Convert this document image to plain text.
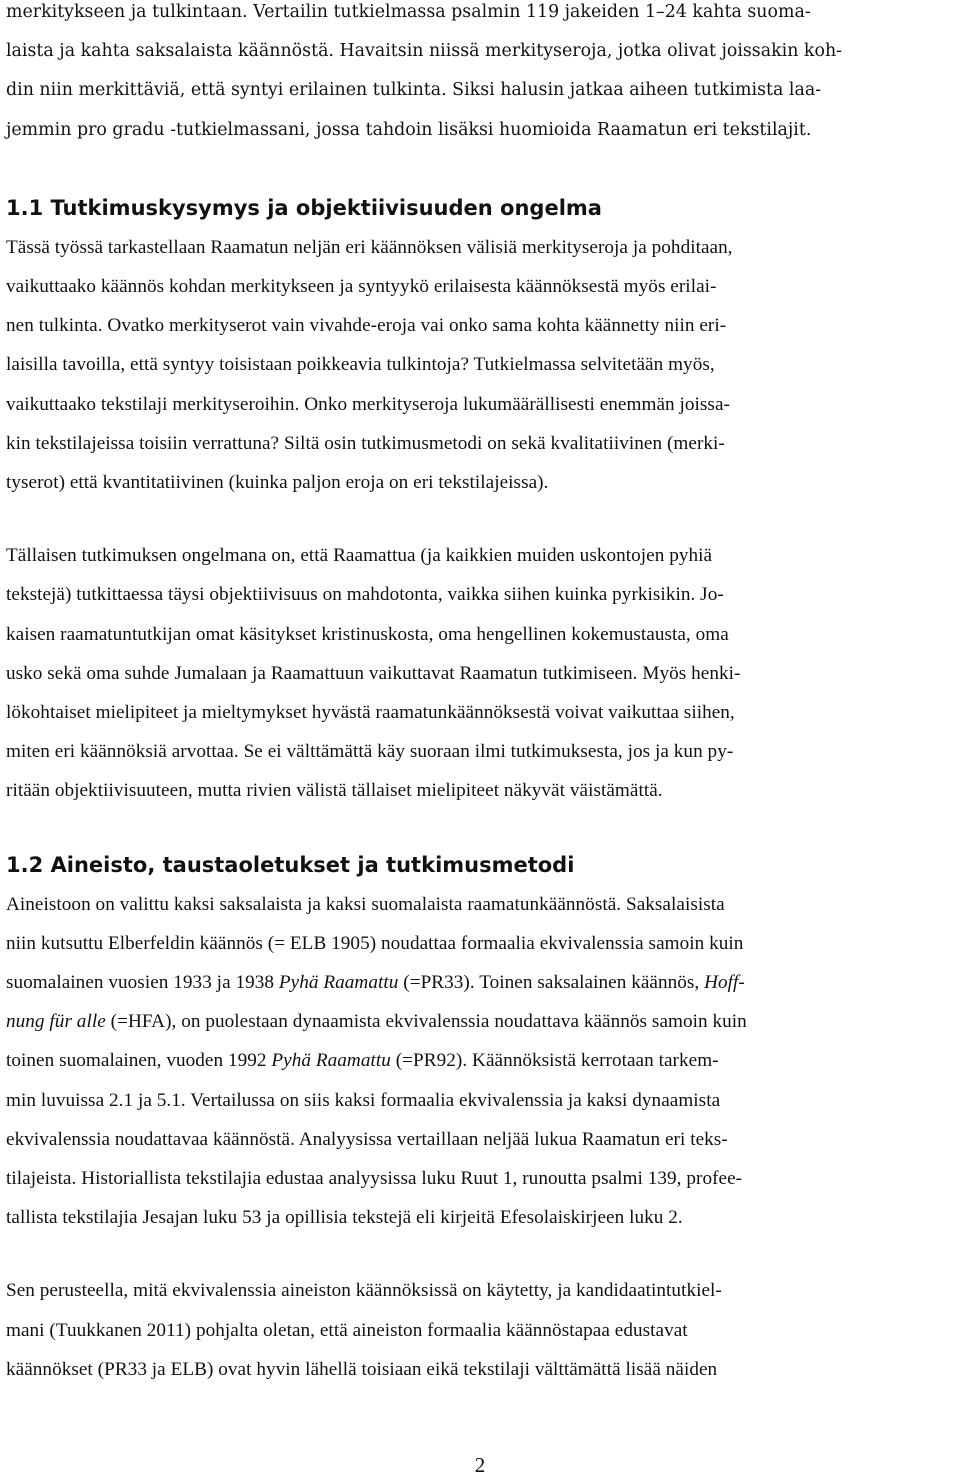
merkitykseen ja tulkintaan. Vertailin tutkielmassa psalmin 119 jakeiden 1–24 kahta suoma-
laista ja kahta saksalaista käännöstä. Havaitsin niissä merkityseroja, jotka olivat joissakin koh-
din niin merkittäviä, että syntyi erilainen tulkinta. Siksi halusin jatkaa aiheen tutkimista laa-
jemmin pro gradu -tutkielmassani, jossa tahdoin lisäksi huomioida Raamatun eri tekstilajit.

1.1 Tutkimuskysymys ja objektiivisuuden ongelma

Tässä työssä tarkastellaan Raamatun neljän eri käännöksen välisiä merkityseroja ja pohditaan,
vaikuttaako käännös kohdan merkitykseen ja syntyykö erilaisesta käännöksestä myös erilai-
nen tulkinta. Ovatko merkityserot vain vivahde-eroja vai onko sama kohta käännetty niin eri-
laisilla tavoilla, että syntyy toisistaan poikkeavia tulkintoja? Tutkielmassa selvitetään myös,
vaikuttaako tekstilaji merkityseroihin. Onko merkityseroja lukumäärällisesti enemmän joissa-
kin tekstilajeissa toisiin verrattuna? Siltä osin tutkimusmetodi on sekä kvalitatiivinen (merki-
tyserot) että kvantitatiivinen (kuinka paljon eroja on eri tekstilajeissa).

Tällaisen tutkimuksen ongelmana on, että Raamattua (ja kaikkien muiden uskontojen pyhiä
tekstejä) tutkittaessa täysi objektiivisuus on mahdotonta, vaikka siihen kuinka pyrkisikin. Jo-
kaisen raamatuntutkijan omat käsitykset kristinuskosta, oma hengellinen kokemustausta, oma
usko sekä oma suhde Jumalaan ja Raamattuun vaikuttavat Raamatun tutkimiseen. Myös henki-
lökohtaiset mielipiteet ja mieltymykset hyvästä raamatunkäännöksestä voivat vaikuttaa siihen,
miten eri käännöksiä arvottaa. Se ei välttämättä käy suoraan ilmi tutkimuksesta, jos ja kun py-
ritään objektiivisuuteen, mutta rivien välistä tällaiset mielipiteet näkyvät väistämättä.

1.2 Aineisto, taustaoletukset ja tutkimusmetodi

Aineistoon on valittu kaksi saksalaista ja kaksi suomalaista raamatunkäännöstä. Saksalaisista
niin kutsuttu Elberfeldin käännös (= ELB 1905) noudattaa formaalia ekvivalenssia samoin kuin
suomalainen vuosien 1933 ja 1938 Pyhä Raamattu (=PR33). Toinen saksalainen käännös, Hoff-
nung für alle (=HFA), on puolestaan dynaamista ekvivalenssia noudattava käännös samoin kuin
toinen suomalainen, vuoden 1992 Pyhä Raamattu (=PR92). Käännöksistä kerrotaan tarkem-
min luvuissa 2.1 ja 5.1. Vertailussa on siis kaksi formaalia ekvivalenssia ja kaksi dynaamista
ekvivalenssia noudattavaa käännöstä. Analyysissa vertaillaan neljää lukua Raamatun eri teks-
tilajeista. Historiallista tekstilajia edustaa analyysissa luku Ruut 1, runoutta psalmi 139, profee-
tallista tekstilajia Jesajan luku 53 ja opillisia tekstejä eli kirjeitä Efesolaiskirjeen luku 2.

Sen perusteella, mitä ekvivalenssia aineiston käännöksissä on käytetty, ja kandidaatintutkiel-
mani (Tuukkanen 2011) pohjalta oletan, että aineiston formaalia käännöstapaa edustavat
käännökset (PR33 ja ELB) ovat hyvin lähellä toisiaan eikä tekstilaji välttämättä lisää näiden

2
